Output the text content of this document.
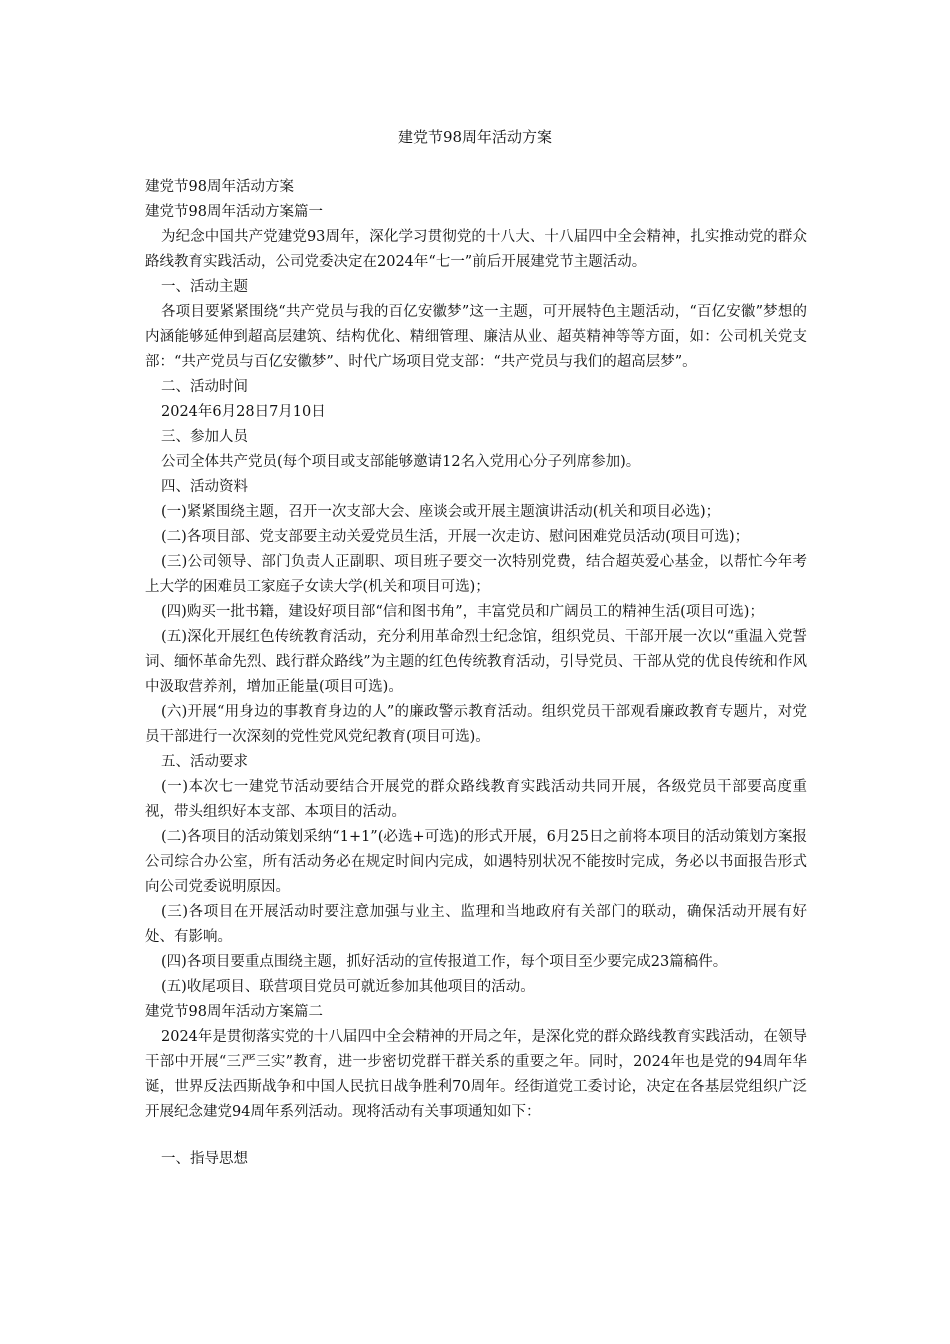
建党节98周年活动方案
建党节98周年活动方案
建党节98周年活动方案篇一
为纪念中国共产党建党93周年，深化学习贯彻党的十八大、十八届四中全会精神，扎实推动党的群众路线教育实践活动，公司党委决定在2024年“七一”前后开展建党节主题活动。
一、活动主题
各项目要紧紧围绕“共产党员与我的百亿安徽梦”这一主题，可开展特色主题活动，“百亿安徽”梦想的内涵能够延伸到超高层建筑、结构优化、精细管理、廉洁从业、超英精神等等方面，如：公司机关党支部：“共产党员与百亿安徽梦”、时代广场项目党支部：“共产党员与我们的超高层梦”。
二、活动时间
2024年6月28日7月10日
三、参加人员
公司全体共产党员(每个项目或支部能够邀请12名入党用心分子列席参加)。
四、活动资料
(一)紧紧围绕主题，召开一次支部大会、座谈会或开展主题演讲活动(机关和项目必选)；
(二)各项目部、党支部要主动关爱党员生活，开展一次走访、慰问困难党员活动(项目可选)；
(三)公司领导、部门负责人正副职、项目班子要交一次特别党费，结合超英爱心基金，以帮忙今年考上大学的困难员工家庭子女读大学(机关和项目可选)；
(四)购买一批书籍，建设好项目部“信和图书角”，丰富党员和广阔员工的精神生活(项目可选)；
(五)深化开展红色传统教育活动，充分利用革命烈士纪念馆，组织党员、干部开展一次以“重温入党誓词、缅怀革命先烈、践行群众路线”为主题的红色传统教育活动，引导党员、干部从党的优良传统和作风中汲取营养剂，增加正能量(项目可选)。
(六)开展“用身边的事教育身边的人”的廉政警示教育活动。组织党员干部观看廉政教育专题片，对党员干部进行一次深刻的党性党风党纪教育(项目可选)。
五、活动要求
(一)本次七一建党节活动要结合开展党的群众路线教育实践活动共同开展，各级党员干部要高度重视，带头组织好本支部、本项目的活动。
(二)各项目的活动策划采纳“1+1”(必选+可选)的形式开展，6月25日之前将本项目的活动策划方案报公司综合办公室，所有活动务必在规定时间内完成，如遇特别状况不能按时完成，务必以书面报告形式向公司党委说明原因。
(三)各项目在开展活动时要注意加强与业主、监理和当地政府有关部门的联动，确保活动开展有好处、有影响。
(四)各项目要重点围绕主题，抓好活动的宣传报道工作，每个项目至少要完成23篇稿件。
(五)收尾项目、联营项目党员可就近参加其他项目的活动。
建党节98周年活动方案篇二
2024年是贯彻落实党的十八届四中全会精神的开局之年，是深化党的群众路线教育实践活动，在领导干部中开展“三严三实”教育，进一步密切党群干群关系的重要之年。同时，2024年也是党的94周年华诞，世界反法西斯战争和中国人民抗日战争胜利70周年。经街道党工委讨论，决定在各基层党组织广泛开展纪念建党94周年系列活动。现将活动有关事项通知如下：
一、指导思想
